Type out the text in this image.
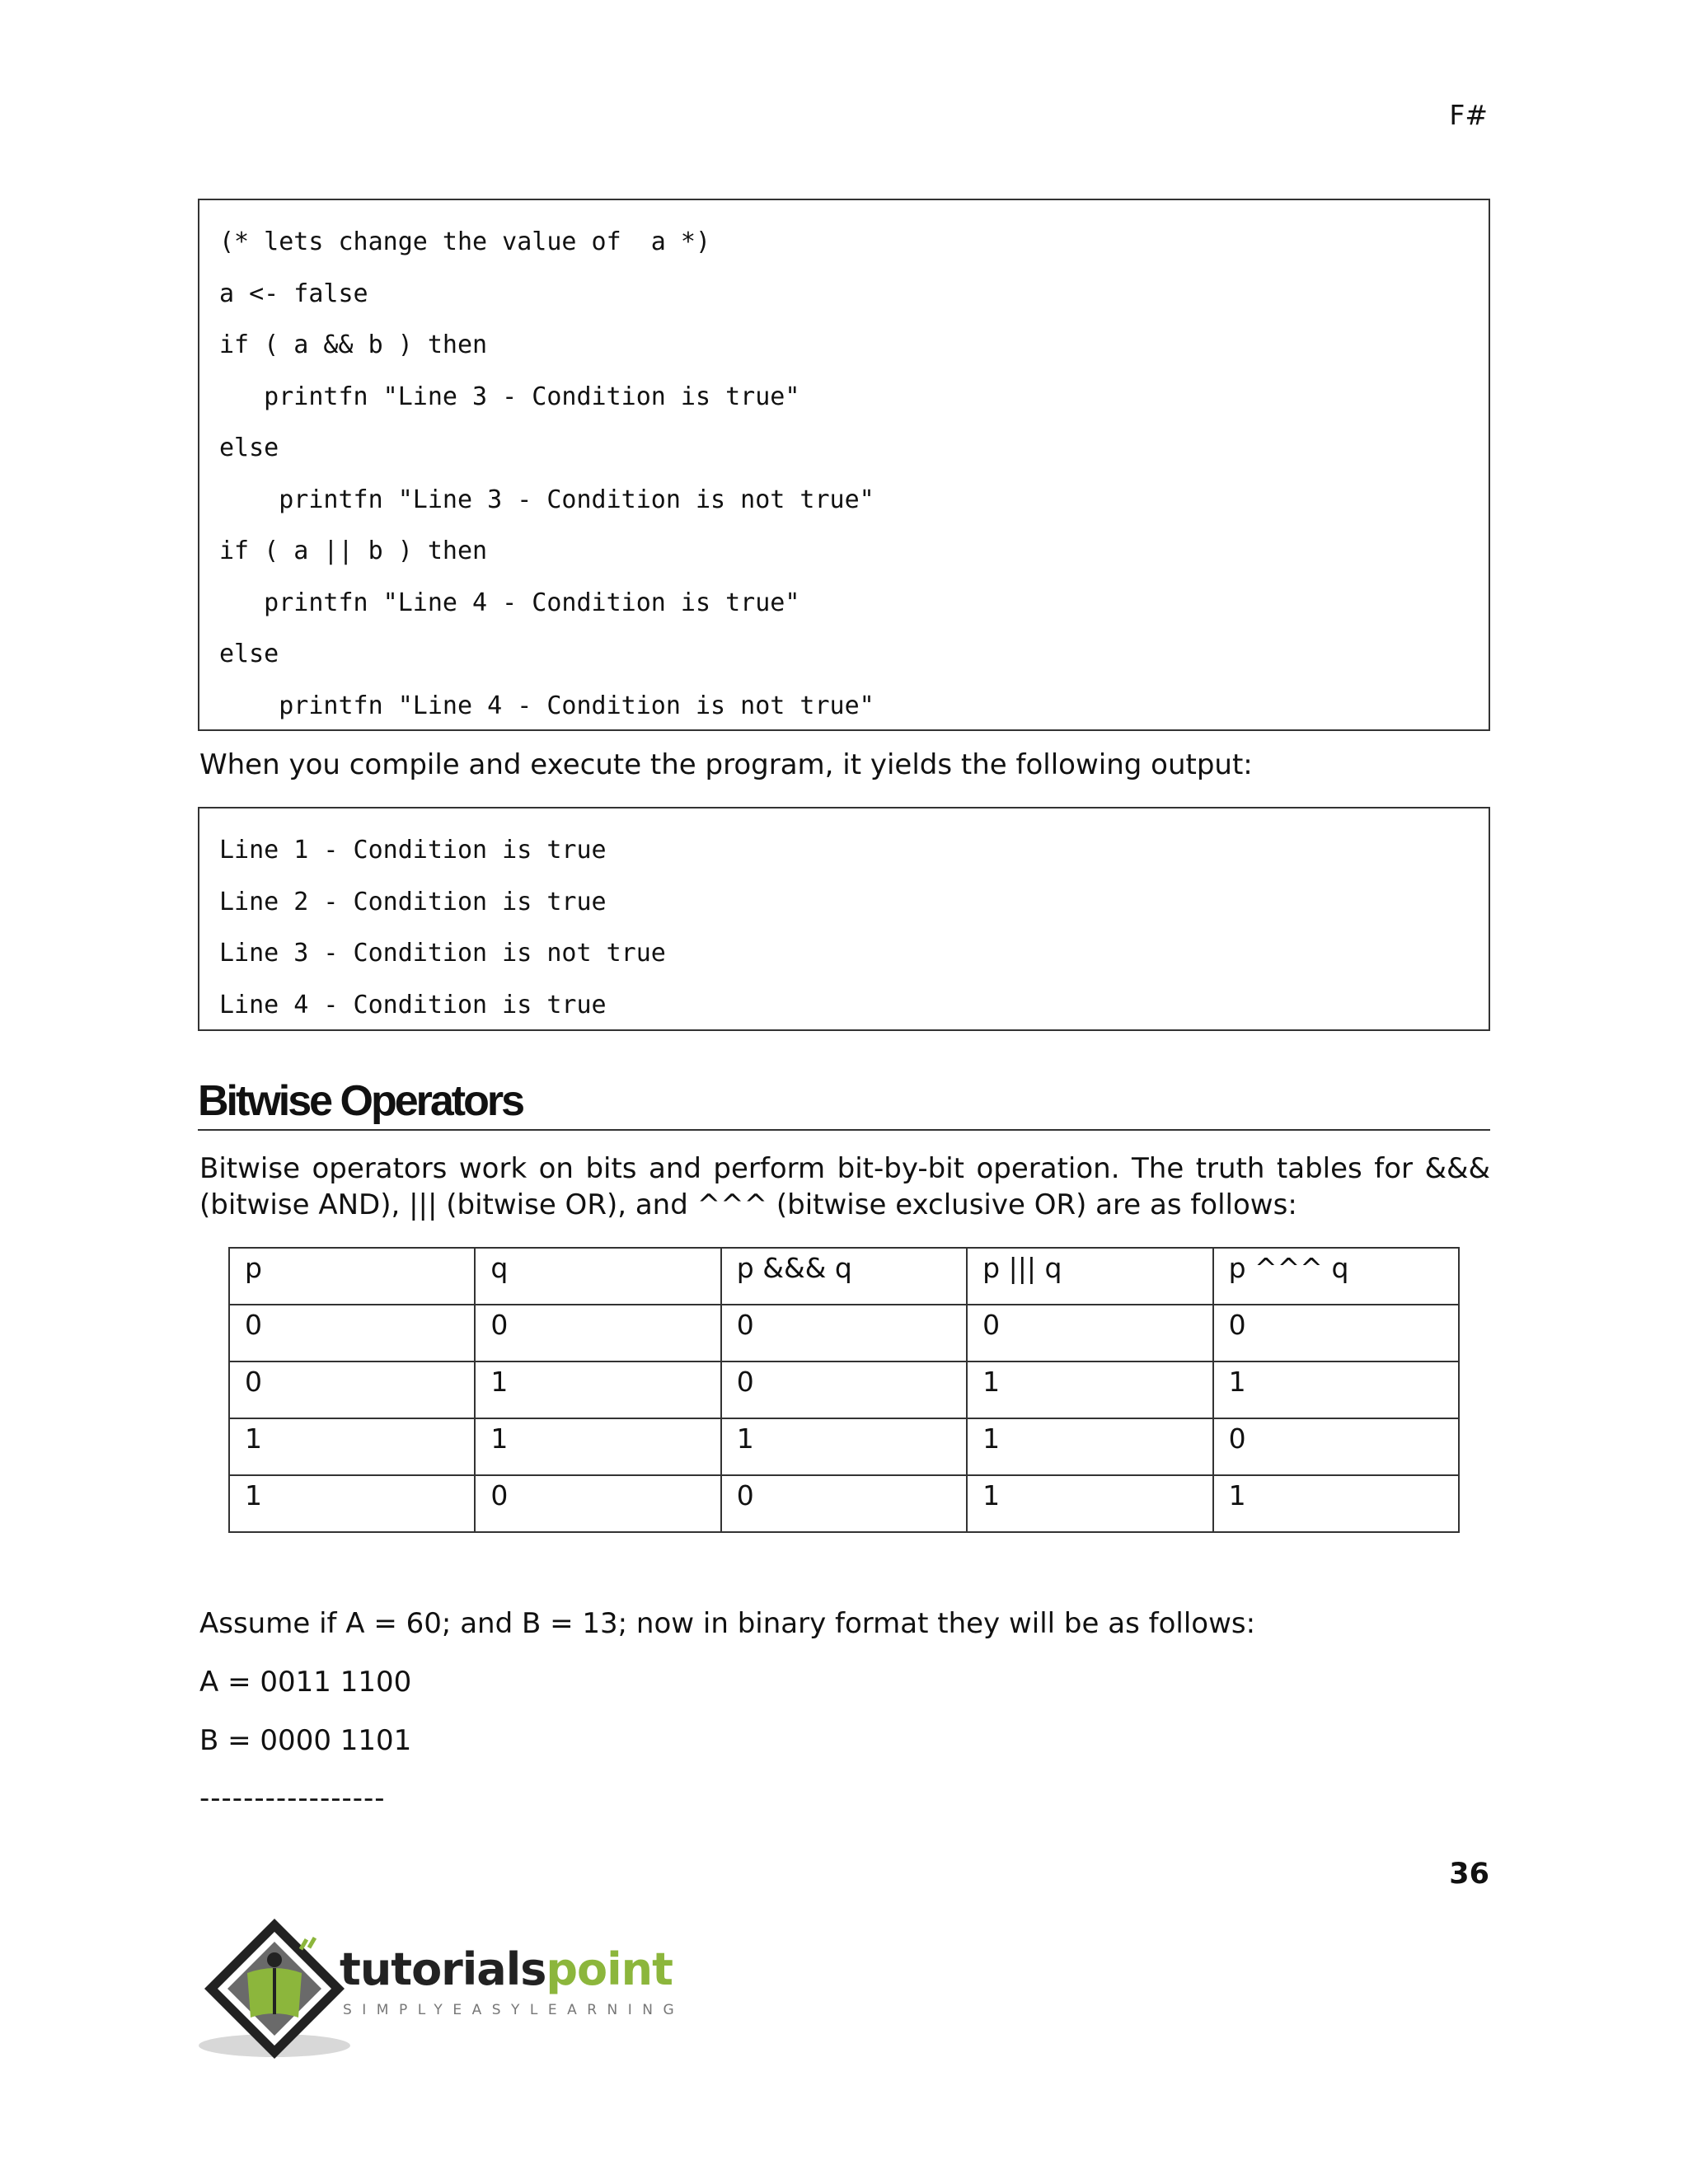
F#
(* lets change the value of  a *)
a <- false
if ( a && b ) then
printfn "Line 3 - Condition is true"
else
printfn "Line 3 - Condition is not true"
if ( a || b ) then
printfn "Line 4 - Condition is true"
else
printfn "Line 4 - Condition is not true"
When you compile and execute the program, it yields the following output:
Line 1 - Condition is true
Line 2 - Condition is true
Line 3 - Condition is not true
Line 4 - Condition is true
Bitwise Operators
Bitwise operators work on bits and perform bit-by-bit operation. The truth tables for &&& (bitwise AND), ||| (bitwise OR), and ^^^ (bitwise exclusive OR) are as follows:
p	q	p &&& q	p ||| q	p ^^^ q
0	0	0	0	0
0	1	0	1	1
1	1	1	1	0
1	0	0	1	1
Assume if A = 60; and B = 13; now in binary format they will be as follows:
A = 0011 1100
B = 0000 1101
-----------------
36
tutorialspoint
SIMPLYEASYLEARNING
